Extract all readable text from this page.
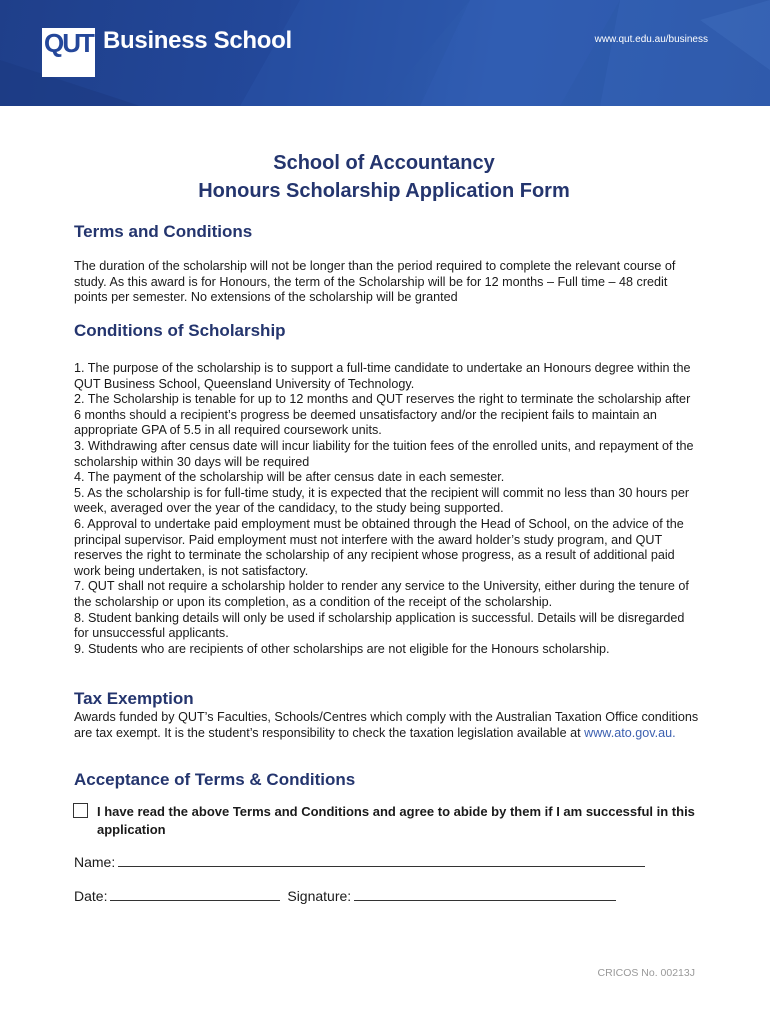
QUT Business School	www.qut.edu.au/business
School of Accountancy
Honours Scholarship Application Form
Terms and Conditions
The duration of the scholarship will not be longer than the period required to complete the relevant course of study. As this award is for Honours, the term of the Scholarship will be for 12 months – Full time – 48 credit points per semester. No extensions of the scholarship will be granted
Conditions of Scholarship

1. The purpose of the scholarship is to support a full-time candidate to undertake an Honours degree within the QUT Business School, Queensland University of Technology.

2. The Scholarship is tenable for up to 12 months and QUT reserves the right to terminate the scholarship after 6 months should a recipient’s progress be deemed unsatisfactory and/or the recipient fails to maintain an appropriate GPA of 5.5 in all required coursework units.

3. Withdrawing after census date will incur liability for the tuition fees of the enrolled units, and repayment of the scholarship within 30 days will be required

4. The payment of the scholarship will be after census date in each semester.

5. As the scholarship is for full-time study, it is expected that the recipient will commit no less than 30 hours per week, averaged over the year of the candidacy, to the study being supported.

6. Approval to undertake paid employment must be obtained through the Head of School, on the advice of the principal supervisor. Paid employment must not interfere with the award holder’s study program, and QUT reserves the right to terminate the scholarship of any recipient whose progress, as a result of additional paid work being undertaken, is not satisfactory.

7. QUT shall not require a scholarship holder to render any service to the University, either during the tenure of the scholarship or upon its completion, as a condition of the receipt of the scholarship.

8. Student banking details will only be used if scholarship application is successful. Details will be disregarded for unsuccessful applicants.

9. Students who are recipients of other scholarships are not eligible for the Honours scholarship.

Tax Exemption
Awards funded by QUT’s Faculties, Schools/Centres which comply with the Australian Taxation Office conditions are tax exempt. It is the student’s responsibility to check the taxation legislation available at www.ato.gov.au.
Acceptance of Terms & Conditions
I have read the above Terms and Conditions and agree to abide by them if I am successful in this application
Name:
Date:	Signature:
CRICOS No. 00213J
